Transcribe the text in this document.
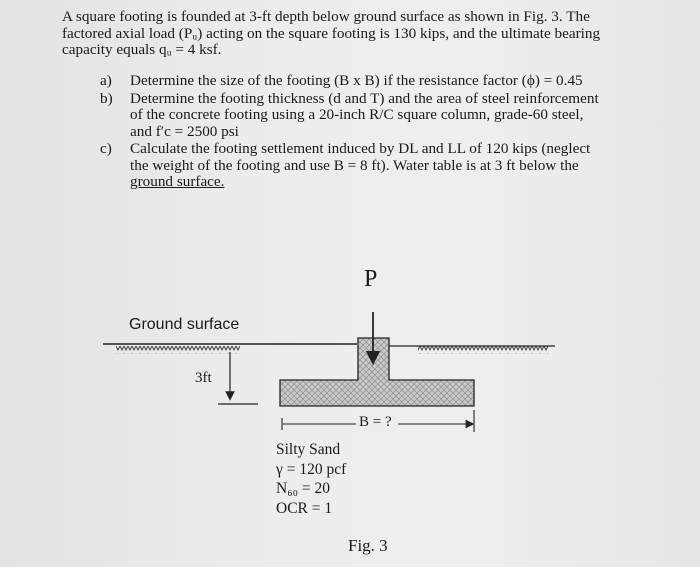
A square footing is founded at 3-ft depth below ground surface as shown in Fig. 3. The
factored axial load (Pᵤ) acting on the square footing is 130 kips, and the ultimate bearing
capacity equals qᵤ = 4 ksf.
a) Determine the size of the footing (B x B) if the resistance factor (ϕ) = 0.45
b) Determine the footing thickness (d and T) and the area of steel reinforcement
of the concrete footing using a 20-inch R/C square column, grade-60 steel,
and f′c = 2500 psi
c) Calculate the footing settlement induced by DL and LL of 120 kips (neglect
the weight of the footing and use B = 8 ft). Water table is at 3 ft below the
ground surface.
P
Ground surface
3ft
B = ?
Silty Sand
γ = 120 pcf
N₆₀ = 20
OCR = 1
Fig. 3
